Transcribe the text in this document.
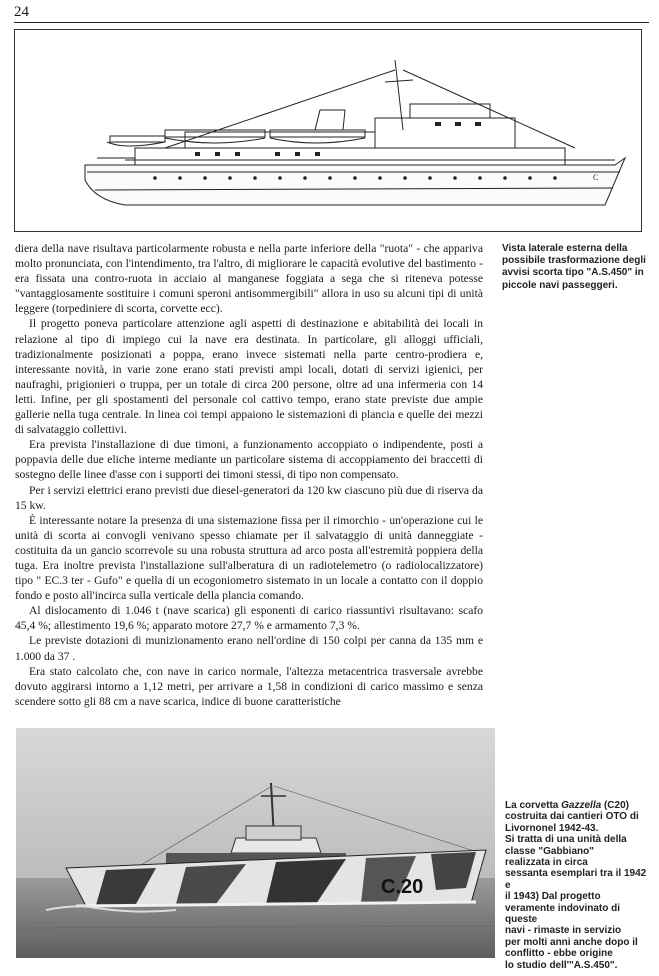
24
C
Vista laterale esterna della possibile trasformazione degli avvisi scorta tipo "A.S.450" in piccole navi passeggeri.

diera della nave risultava particolarmente robusta e nella parte inferiore della "ruota" - che appariva molto pronunciata, con l'intendimento, tra l'altro, di migliorare le capacità evolutive del bastimento - era fissata una contro-ruota in acciaio al manganese foggiata a sega che si riteneva potesse "vantaggiosamente sostituire i comuni speroni antisommergibili" allora in uso su alcuni tipi di unità leggere (torpediniere di scorta, corvette ecc).

Il progetto poneva particolare attenzione agli aspetti di destinazione e abitabilità dei locali in relazione al tipo di impiego cui la nave era destinata. In particolare, gli alloggi ufficiali, tradizionalmente posizionati a poppa, erano invece sistemati nella parte centro-prodiera e, interessante novità, in varie zone erano stati previsti ampi locali, dotati di servizi igienici, per naufraghi, prigionieri o truppa, per un totale di circa 200 persone, oltre ad una infermeria con 14 letti. Infine, per gli spostamenti del personale col cattivo tempo, erano state previste due ampie gallerie nella tuga centrale. In linea coi tempi appaiono le sistemazioni di plancia e quelle dei mezzi di salvataggio collettivi.

Era prevista l'installazione di due timoni, a funzionamento accoppiato o indipendente, posti a poppavia delle due eliche interne mediante un particolare sistema di accoppiamento dei braccetti di sostegno delle linee d'asse con i supporti dei timoni stessi, di tipo non compensato.

Per i servizi elettrici erano previsti due diesel-generatori da 120 kw ciascuno più due di riserva da 15 kw.

È interessante notare la presenza di una sistemazione fissa per il rimorchio - un'operazione cui le unità di scorta ai convogli venivano spesso chiamate per il salvataggio di unità danneggiate - costituita da un gancio scorrevole su una robusta struttura ad arco posta all'estremità poppiera della tuga. Era inoltre prevista l'installazione sull'alberatura di un radiotelemetro (o radiolocalizzatore) tipo " EC.3 ter - Gufo" e quella di un ecogoniometro sistemato in un locale a contatto con il doppio fondo e posto all'incirca sulla verticale della plancia comando.

Al dislocamento di 1.046 t (nave scarica) gli esponenti di carico riassuntivi risultavano: scafo 45,4 %; allestimento 19,6 %; apparato motore 27,7 % e armamento 7,3 %.

Le previste dotazioni di munizionamento erano nell'ordine di 150 colpi per canna da 135 mm e 1.000 da 37 .

Era stato calcolato che, con nave in carico normale, l'altezza metacentrica trasversale avrebbe dovuto aggirarsi intorno a 1,12 metri, per arrivare a 1,58 in condizioni di carico massimo e senza scendere sotto gli 88 cm a nave scarica, indice di buone caratteristiche

C.20
La corvetta Gazzella (C20)
costruita dai cantieri OTO di
Livornonel 1942-43.
Si tratta di una unità della
classe "Gabbiano"
realizzata in circa
sessanta esemplari tra il 1942 e
il 1943) Dal progetto
veramente indovinato di queste
navi - rimaste in servizio
per molti anni anche dopo il
conflitto - ebbe origine
lo studio dell'"A.S.450".
